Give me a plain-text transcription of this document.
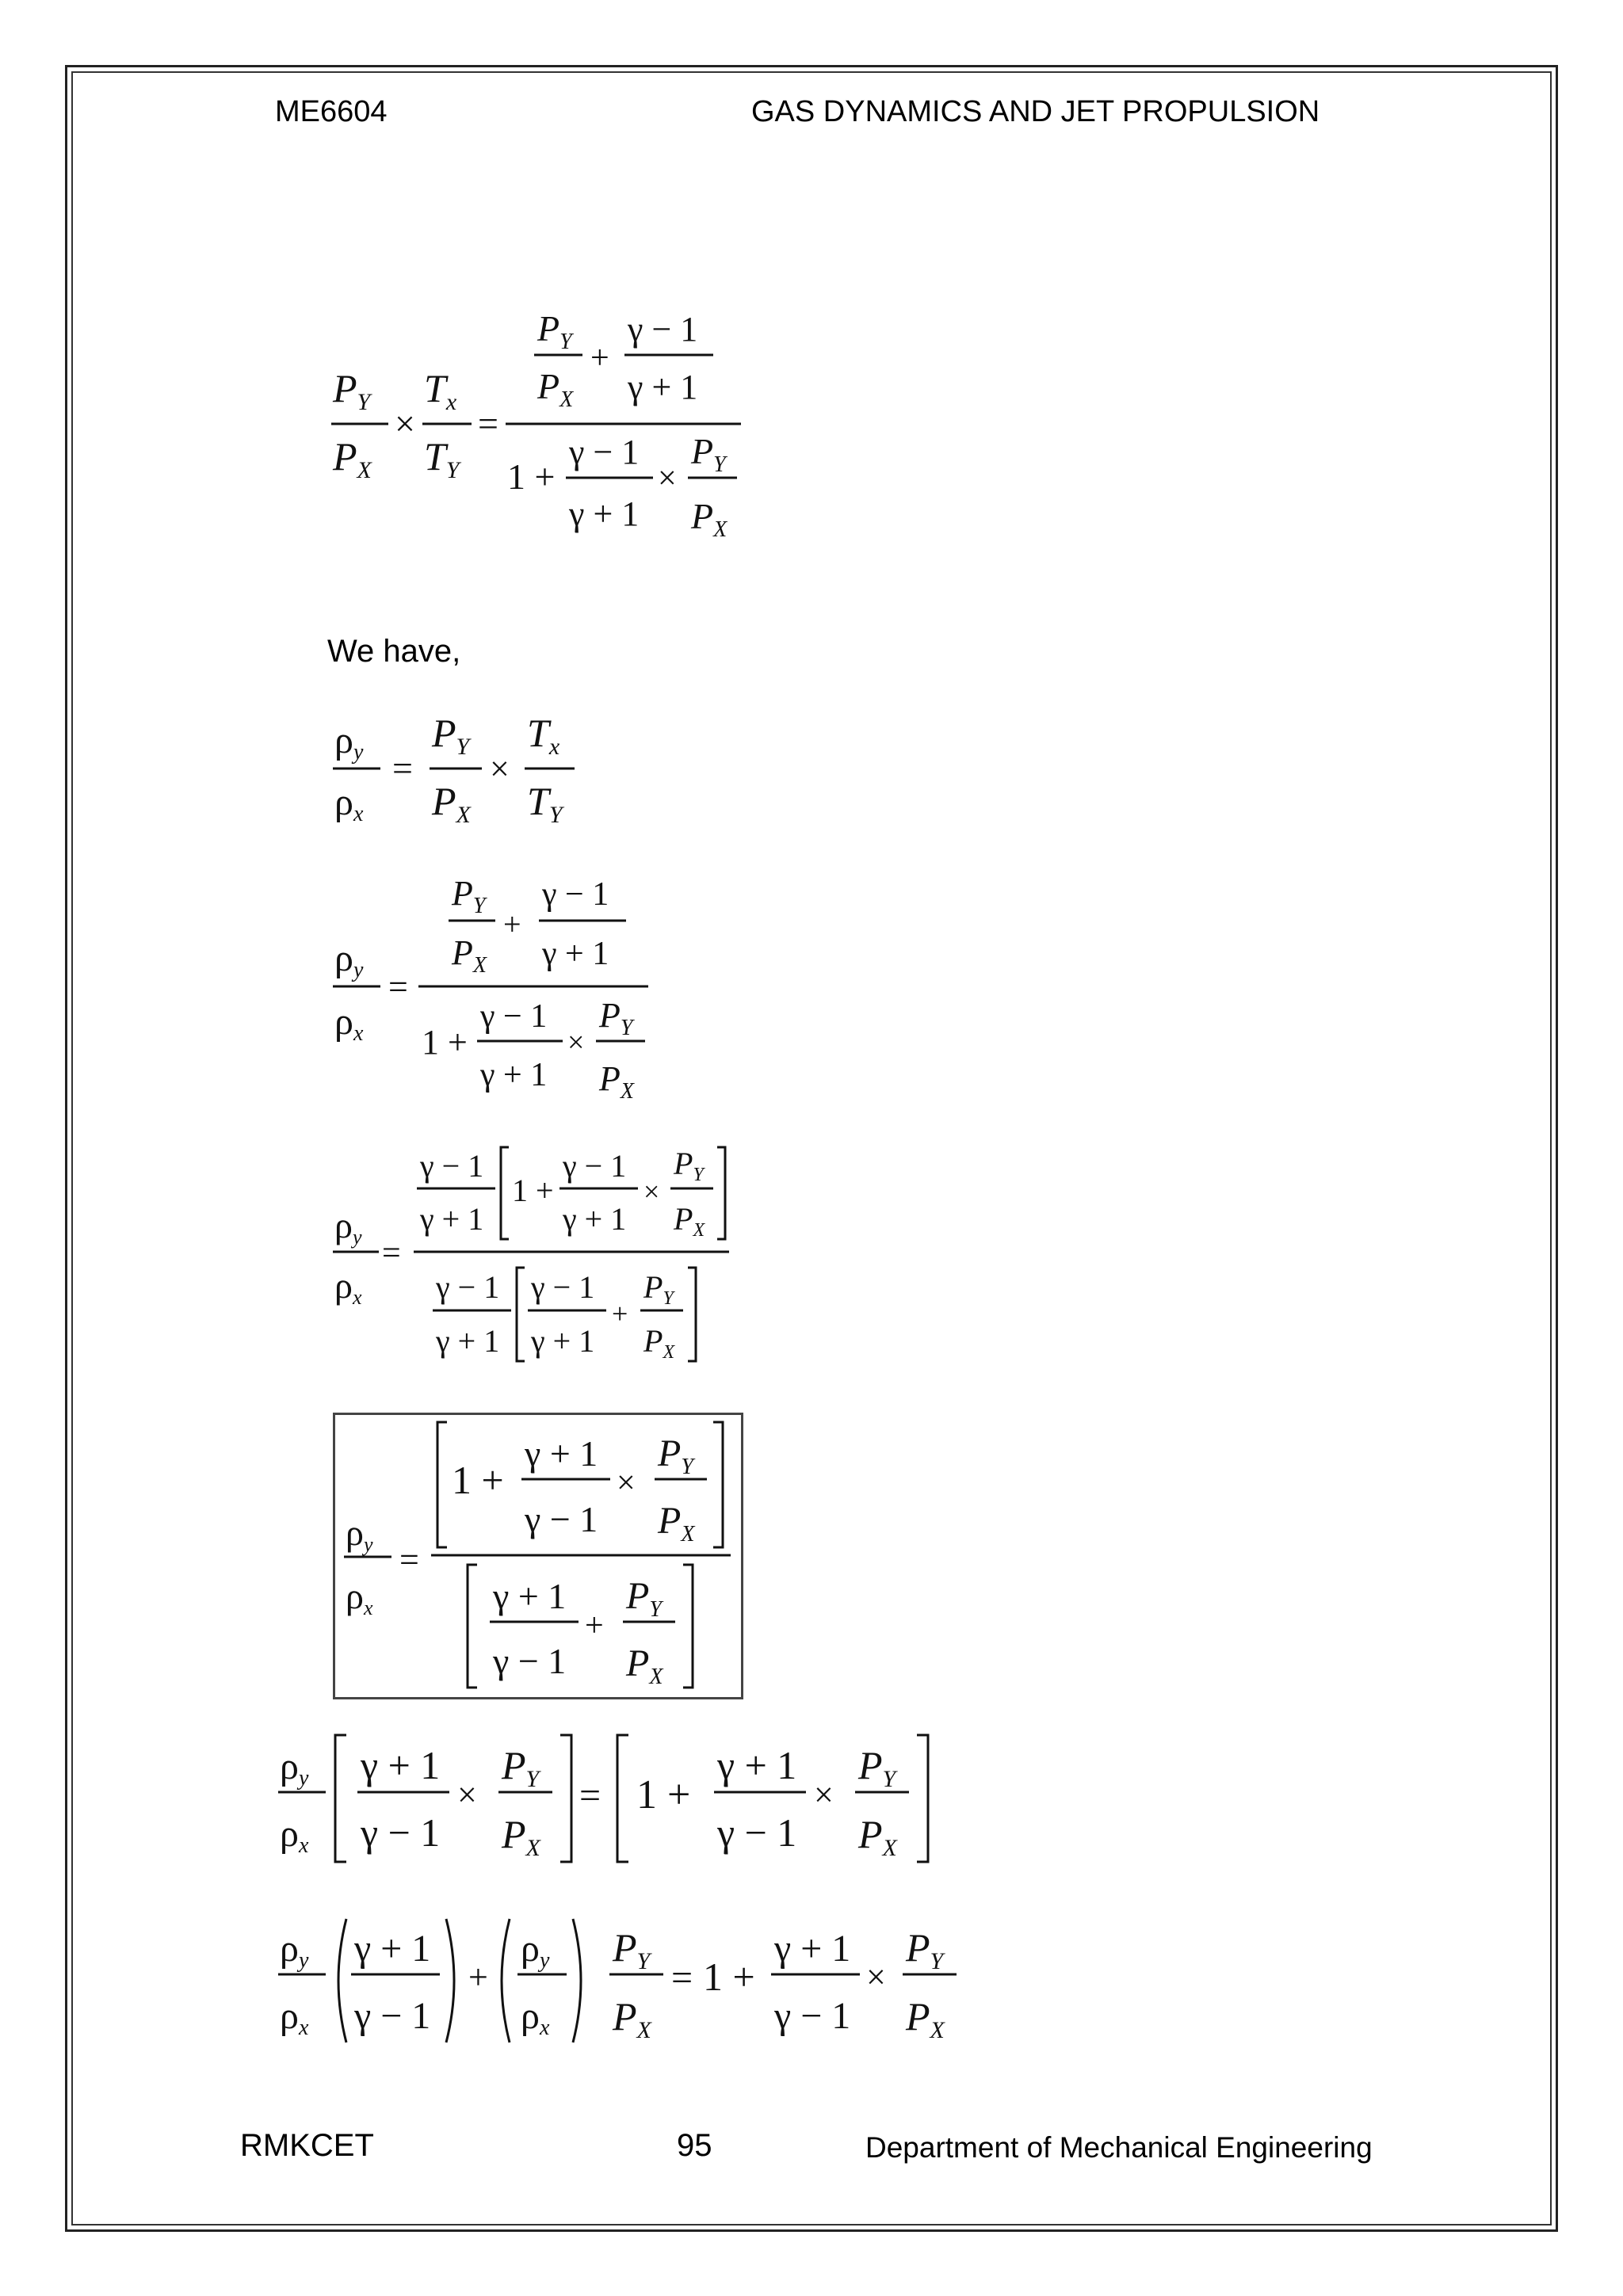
ME6604	GAS DYNAMICS AND JET PROPULSION
$P_Y$
$P_X$
×
$T_x$
$T_Y$
=
$P_Y$
$P_X$
+
γ − 1
γ + 1
1 +
γ − 1
γ + 1
×
$P_Y$
$P_X$
We have,
ρy
ρx
=
$P_Y$
$P_X$
×
$T_x$
$T_Y$
ρy
ρx
=
$P_Y$
$P_X$
+
γ − 1
γ + 1
1 +
γ − 1
γ + 1
×
$P_Y$
$P_X$
ρy
ρx
=
γ − 1
γ + 1
1 +
γ − 1
γ + 1
×
$P_Y$
$P_X$
γ − 1
γ + 1
γ − 1
γ + 1
+
$P_Y$
$P_X$
ρy
ρx
=
1 +
γ + 1
γ − 1
×
$P_Y$
$P_X$
γ + 1
γ − 1
+
$P_Y$
$P_X$
ρy
ρx
γ + 1
γ − 1
×
$P_Y$
$P_X$
= 1 +
γ + 1
γ − 1
×
$P_Y$
$P_X$
ρy
ρx
γ + 1
γ − 1
+
ρy
ρx
$P_Y$
$P_X$
= 1 +
γ + 1
γ − 1
×
$P_Y$
$P_X$
RMKCET	95	Department of Mechanical Engineering
